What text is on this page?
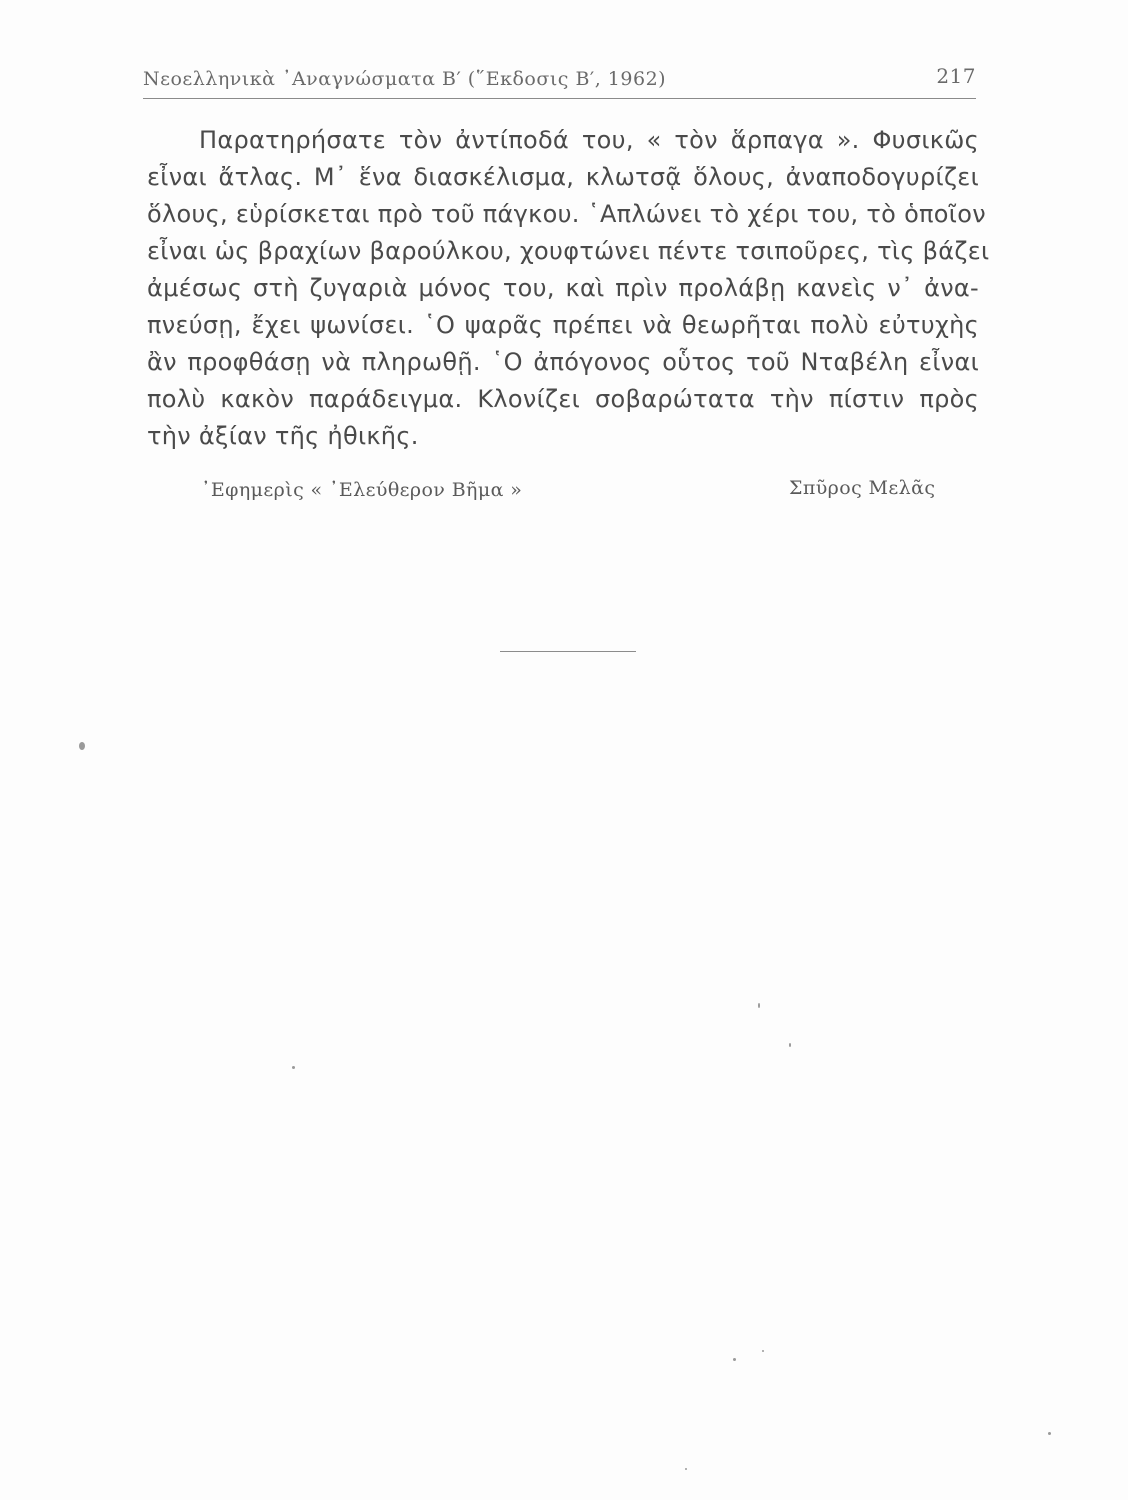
Νεοελληνικὰ ᾿Αναγνώσματα Β′ (῞Εκδοσις Β′, 1962)	217
Παρατηρήσατε τὸν ἀντίποδά του, « τὸν ἅρπαγα ». Φυσικῶς
εἶναι ἄτλας. Μ᾿ ἕνα διασκέλισμα, κλωτσᾷ ὅλους, ἀναποδογυρίζει
ὅλους, εὑρίσκεται πρὸ τοῦ πάγκου. ῾Απλώνει τὸ χέρι του, τὸ ὁποῖον
εἶναι ὡς βραχίων βαρούλκου, χουφτώνει πέντε τσιποῦρες, τὶς βάζει
ἀμέσως στὴ ζυγαριὰ μόνος του, καὶ πρὶν προλάβῃ κανεὶς ν᾿ ἀνα-
πνεύσῃ, ἔχει ψωνίσει. ῾Ο ψαρᾶς πρέπει νὰ θεωρῆται πολὺ εὐτυχὴς
ἂν προφθάσῃ νὰ πληρωθῇ. ῾Ο ἀπόγονος οὗτος τοῦ Νταβέλη εἶναι
πολὺ κακὸν παράδειγμα. Κλονίζει σοβαρώτατα τὴν πίστιν πρὸς
τὴν ἀξίαν τῆς ἠθικῆς.
᾿Εφημερὶς « ᾿Ελεύθερον Βῆμα »	Σπῦρος Μελᾶς
